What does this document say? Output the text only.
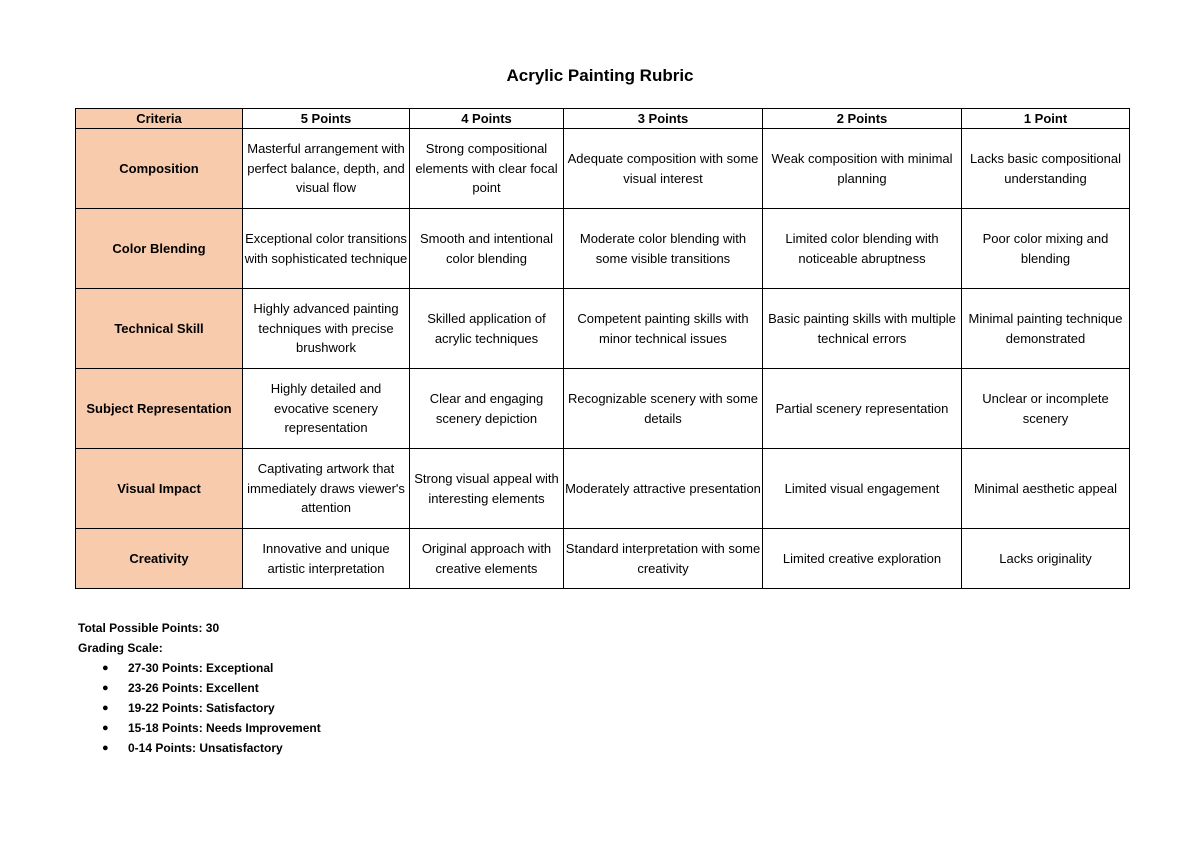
Acrylic Painting Rubric
Criteria	5 Points	4 Points	3 Points	2 Points	1 Point
Composition	Masterful arrangement with perfect balance, depth, and visual flow	Strong compositional elements with clear focal point	Adequate composition with some visual interest	Weak composition with minimal planning	Lacks basic compositional understanding
Color Blending	Exceptional color transitions with sophisticated technique	Smooth and intentional color blending	Moderate color blending with some visible transitions	Limited color blending with noticeable abruptness	Poor color mixing and blending
Technical Skill	Highly advanced painting techniques with precise brushwork	Skilled application of acrylic techniques	Competent painting skills with minor technical issues	Basic painting skills with multiple technical errors	Minimal painting technique demonstrated
Subject Representation	Highly detailed and evocative scenery representation	Clear and engaging scenery depiction	Recognizable scenery with some details	Partial scenery representation	Unclear or incomplete scenery
Visual Impact	Captivating artwork that immediately draws viewer's attention	Strong visual appeal with interesting elements	Moderately attractive presentation	Limited visual engagement	Minimal aesthetic appeal
Creativity	Innovative and unique artistic interpretation	Original approach with creative elements	Standard interpretation with some creativity	Limited creative exploration	Lacks originality
Total Possible Points: 30
Grading Scale:
● 27-30 Points: Exceptional
● 23-26 Points: Excellent
● 19-22 Points: Satisfactory
● 15-18 Points: Needs Improvement
● 0-14 Points: Unsatisfactory
